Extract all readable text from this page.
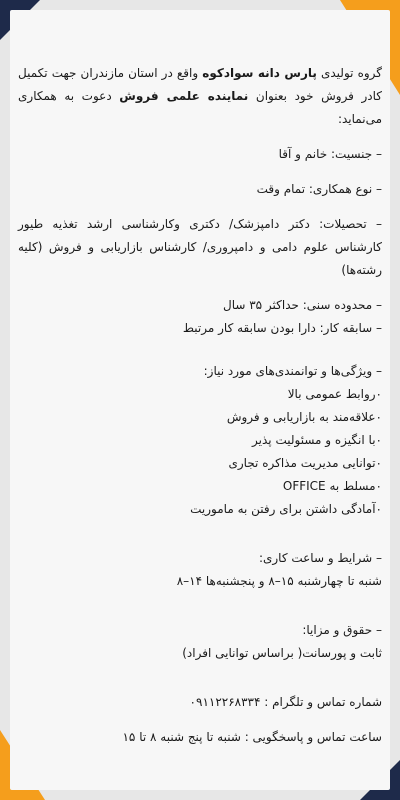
گروه تولیدی پارس دانه سوادکوه واقع در استان مازندران جهت تکمیل کادر فروش خود بعنوان نماینده علمی فروش دعوت به همکاری می‌نماید:

– جنسیت: خانم و آقا
– نوع همکاری: تمام وقت

– تحصیلات: دکتر دامپزشک/ دکتری وکارشناسی ارشد تغذیه طیور کارشناس علوم دامی و دامپروری/ کارشناس بازاریابی و فروش (کلیه رشته‌ها)

– محدوده سنی: حداکثر ۳۵ سال
– سابقه کار: دارا بودن سابقه کار مرتبط
– ویژگی‌ها و توانمندی‌های مورد نیاز:
۰روابط عمومی بالا
۰علاقه‌مند به بازاریابی و فروش
۰با انگیزه و مسئولیت پذیر
۰توانایی مدیریت مذاکره تجاری
۰مسلط به OFFICE
۰آمادگی داشتن برای رفتن به ماموریت
– شرایط و ساعت کاری:
شنبه تا چهارشنبه ۱۵–۸ و پنجشنبه‌ها ۱۴–۸
– حقوق و مزایا:
ثابت و پورسانت( براساس توانایی افراد)
شماره تماس و تلگرام : ۰۹۱۱۲۲۶۸۳۳۴
ساعت تماس و پاسخگویی : شنبه تا پنج شنبه ۸ تا ۱۵
